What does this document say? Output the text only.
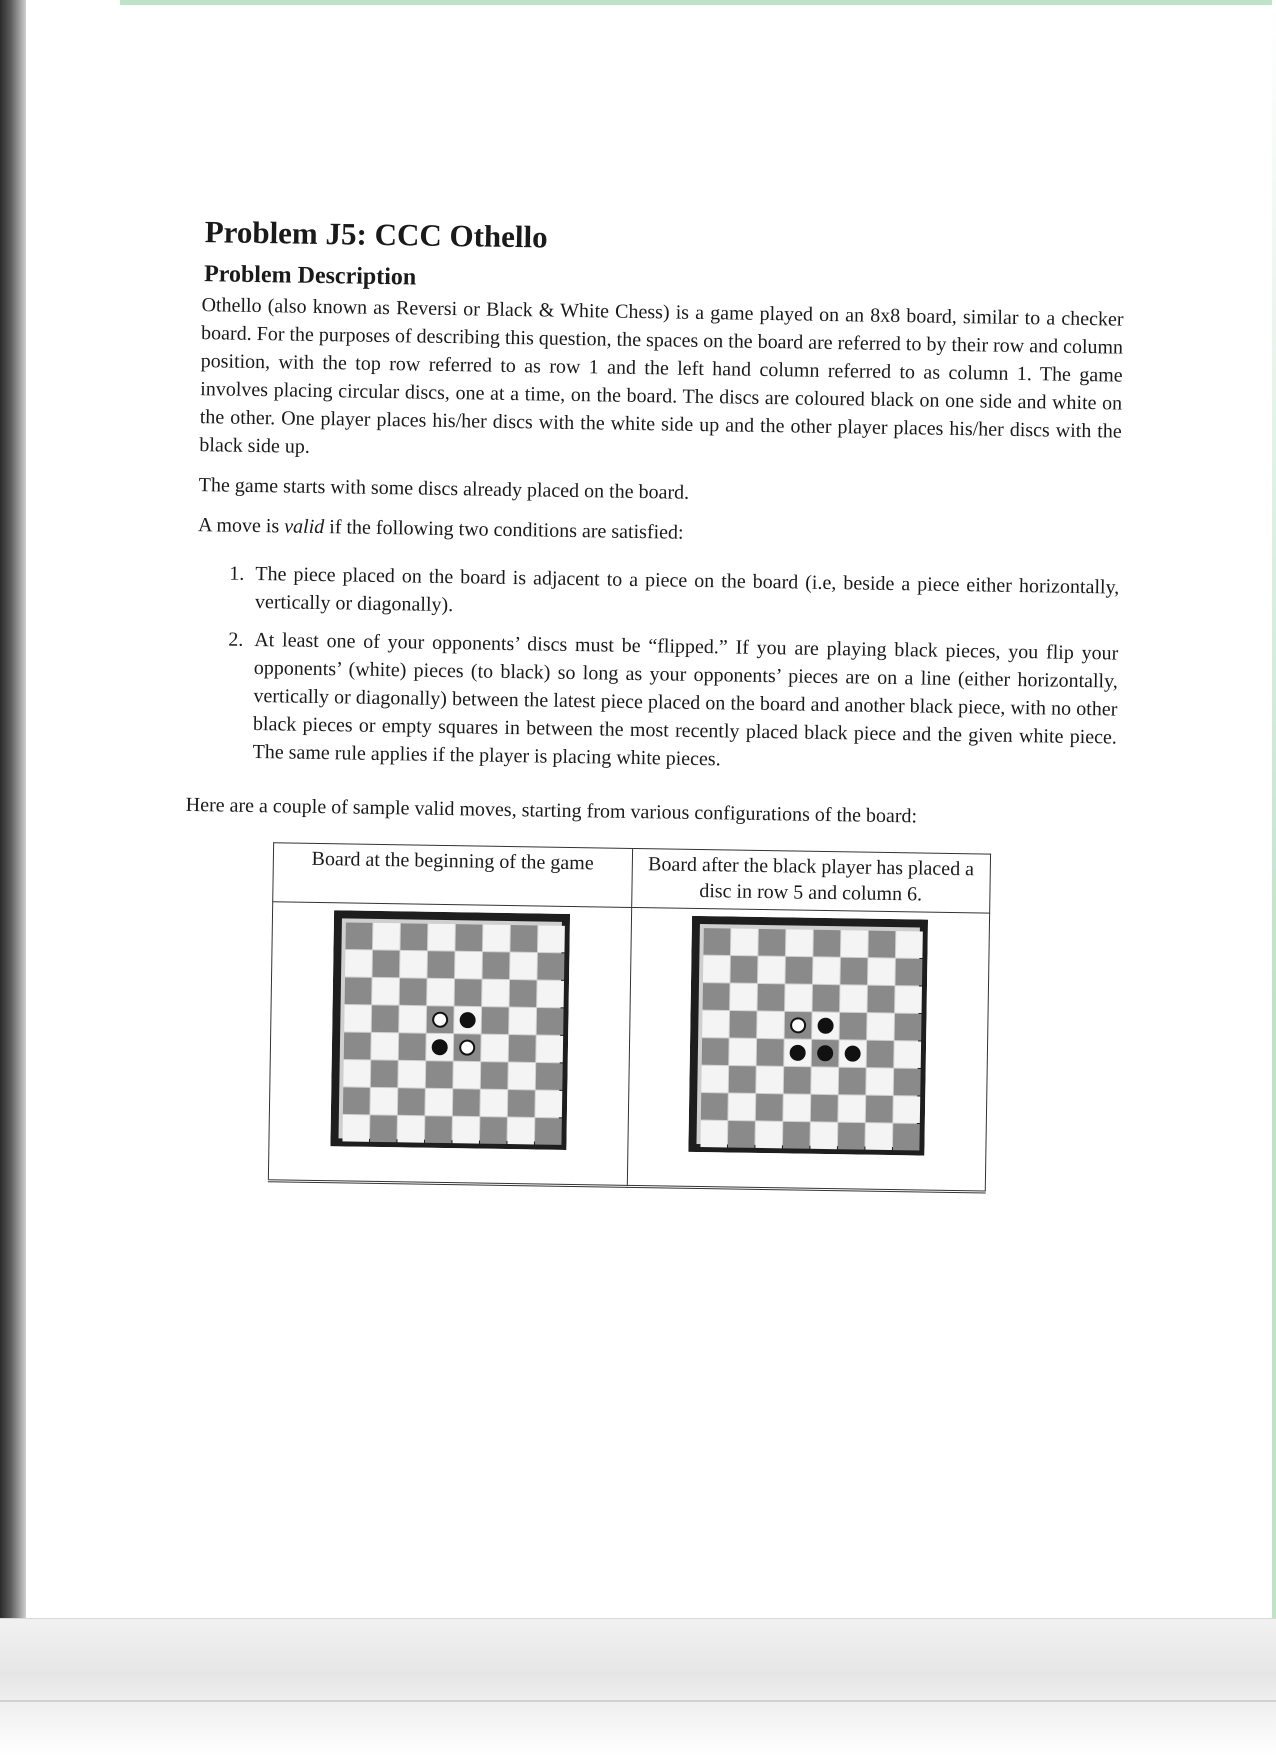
Problem J5: CCC Othello
Problem Description

Othello (also known as Reversi or Black & White Chess) is a game played on an 8x8 board, similar to a checker board. For the purposes of describing this question, the spaces on the board are referred to by their row and column position, with the top row referred to as row 1 and the left hand column referred to as column 1. The game involves placing circular discs, one at a time, on the board. The discs are coloured black on one side and white on the other. One player places his/her discs with the white side up and the other player places his/her discs with the black side up.

The game starts with some discs already placed on the board.

A move is valid if the following two conditions are satisfied:

1. The piece placed on the board is adjacent to a piece on the board (i.e, beside a piece either horizontally, vertically or diagonally).
2. At least one of your opponents’ discs must be “flipped.” If you are playing black pieces, you flip your opponents’ (white) pieces (to black) so long as your opponents’ pieces are on a line (either horizontally, vertically or diagonally) between the latest piece placed on the board and another black piece, with no other black pieces or empty squares in between the most recently placed black piece and the given white piece. The same rule applies if the player is placing white pieces.

Here are a couple of sample valid moves, starting from various configurations of the board:

Board at the beginning of the game	Board after the black player has placed a disc in row 5 and column 6.
